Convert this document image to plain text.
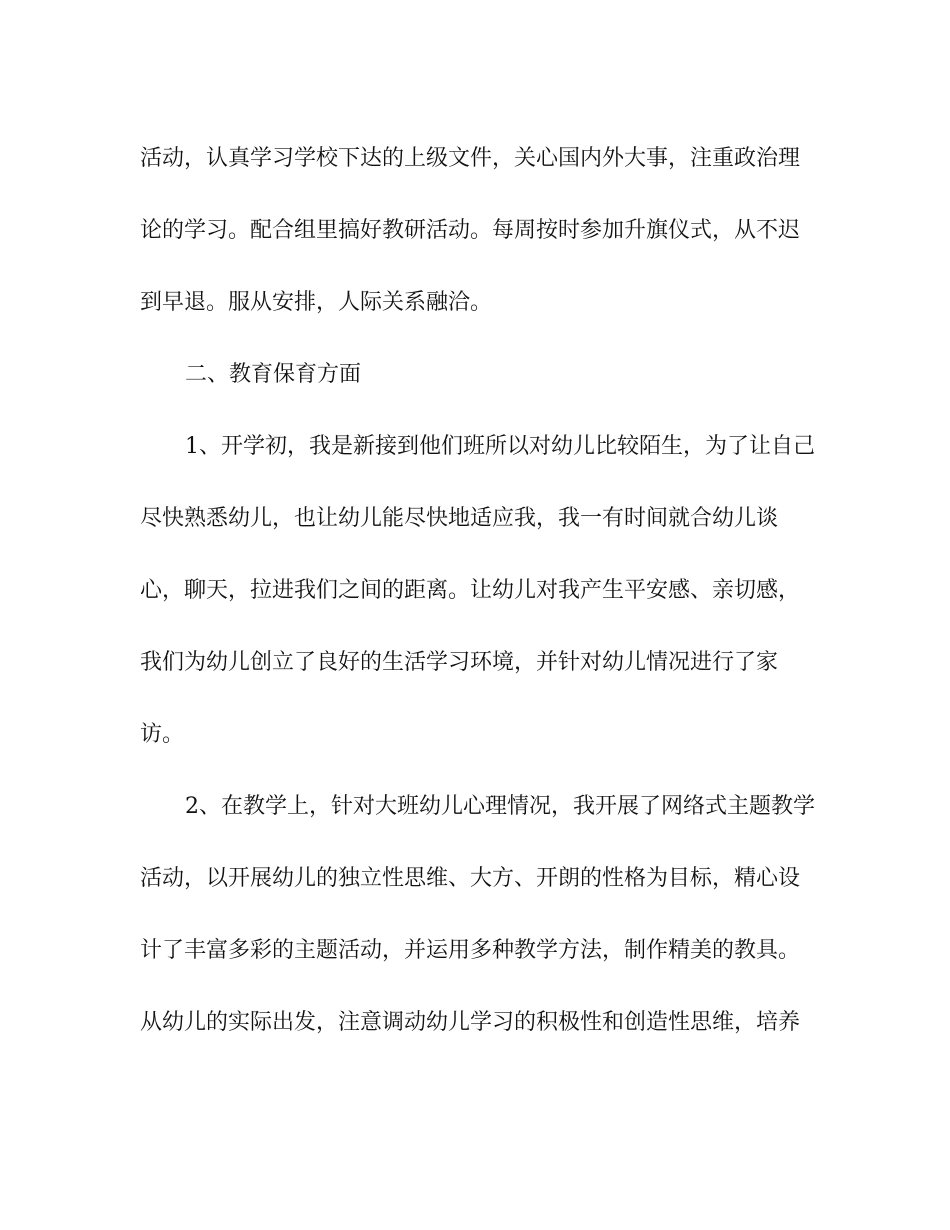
活动，认真学习学校下达的上级文件，关心国内外大事，注重政治理
论的学习。配合组里搞好教研活动。每周按时参加升旗仪式，从不迟
到早退。服从安排，人际关系融洽。
二、教育保育方面
1、开学初，我是新接到他们班所以对幼儿比较陌生，为了让自己
尽快熟悉幼儿，也让幼儿能尽快地适应我，我一有时间就合幼儿谈
心，聊天，拉进我们之间的距离。让幼儿对我产生平安感、亲切感，
我们为幼儿创立了良好的生活学习环境，并针对幼儿情况进行了家
访。
2、在教学上，针对大班幼儿心理情况，我开展了网络式主题教学
活动，以开展幼儿的独立性思维、大方、开朗的性格为目标，精心设
计了丰富多彩的主题活动，并运用多种教学方法，制作精美的教具。
从幼儿的实际出发，注意调动幼儿学习的积极性和创造性思维，培养
